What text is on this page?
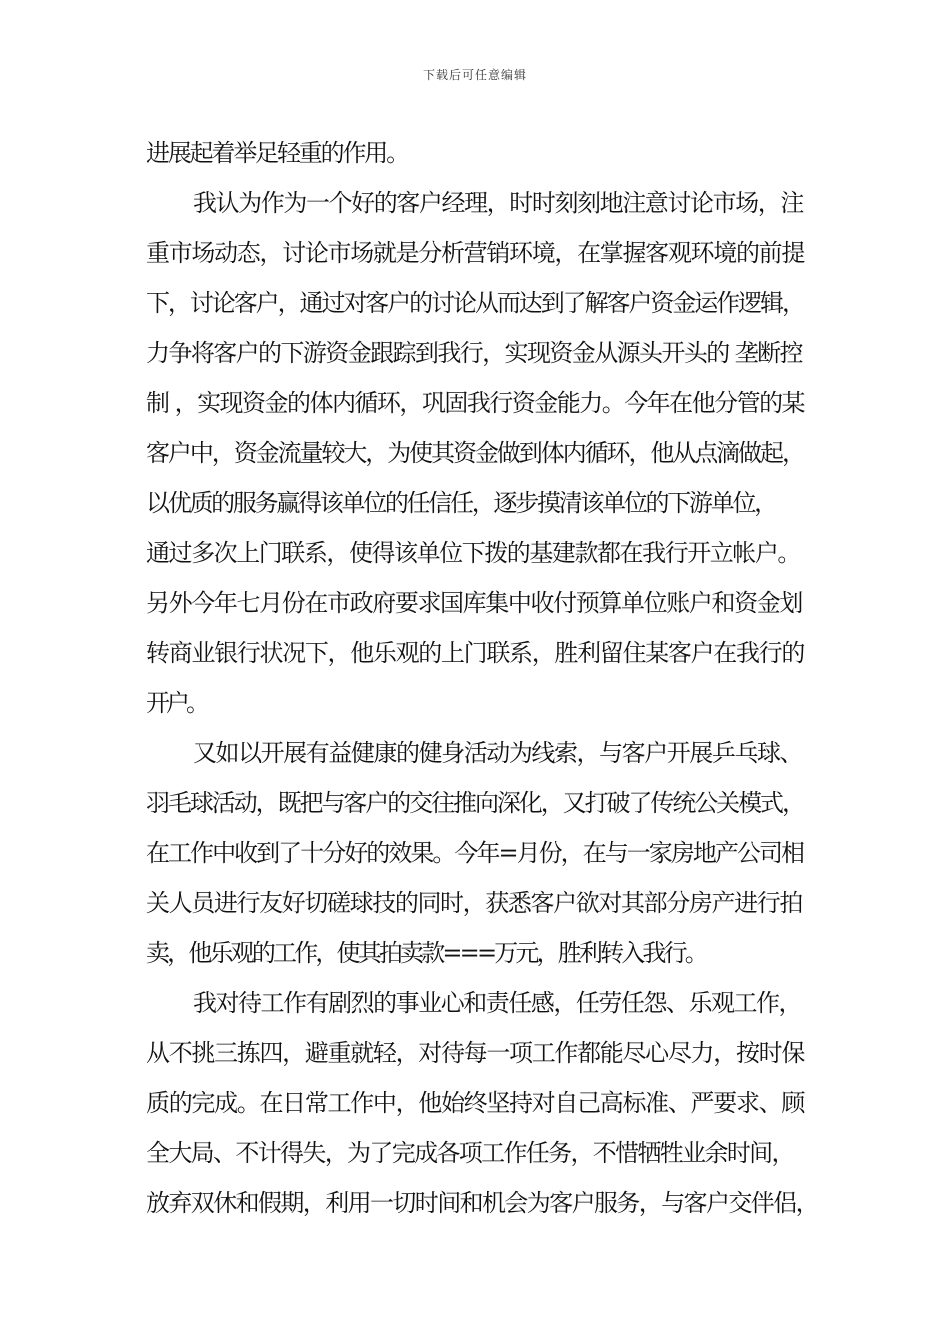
下载后可任意编辑
进展起着举足轻重的作用。
我认为作为一个好的客户经理，时时刻刻地注意讨论市场，注
重市场动态，讨论市场就是分析营销环境，在掌握客观环境的前提
下，讨论客户，通过对客户的讨论从而达到了解客户资金运作逻辑，
力争将客户的下游资金跟踪到我行，实现资金从源头开头的 垄断控
制 ，实现资金的体内循环，巩固我行资金能力。今年在他分管的某
客户中，资金流量较大，为使其资金做到体内循环，他从点滴做起，
以优质的服务赢得该单位的任信任，逐步摸清该单位的下游单位，
通过多次上门联系，使得该单位下拨的基建款都在我行开立帐户。
另外今年七月份在市政府要求国库集中收付预算单位账户和资金划
转商业银行状况下，他乐观的上门联系，胜利留住某客户在我行的
开户。
又如以开展有益健康的健身活动为线索，与客户开展乒乓球、
羽毛球活动，既把与客户的交往推向深化，又打破了传统公关模式，
在工作中收到了十分好的效果。今年=月份，在与一家房地产公司相
关人员进行友好切磋球技的同时，获悉客户欲对其部分房产进行拍
卖，他乐观的工作，使其拍卖款===万元，胜利转入我行。
我对待工作有剧烈的事业心和责任感，任劳任怨、乐观工作，
从不挑三拣四，避重就轻，对待每一项工作都能尽心尽力，按时保
质的完成。在日常工作中，他始终坚持对自己高标准、严要求、顾
全大局、不计得失，为了完成各项工作任务，不惜牺牲业余时间，
放弃双休和假期，利用一切时间和机会为客户服务，与客户交伴侣，
